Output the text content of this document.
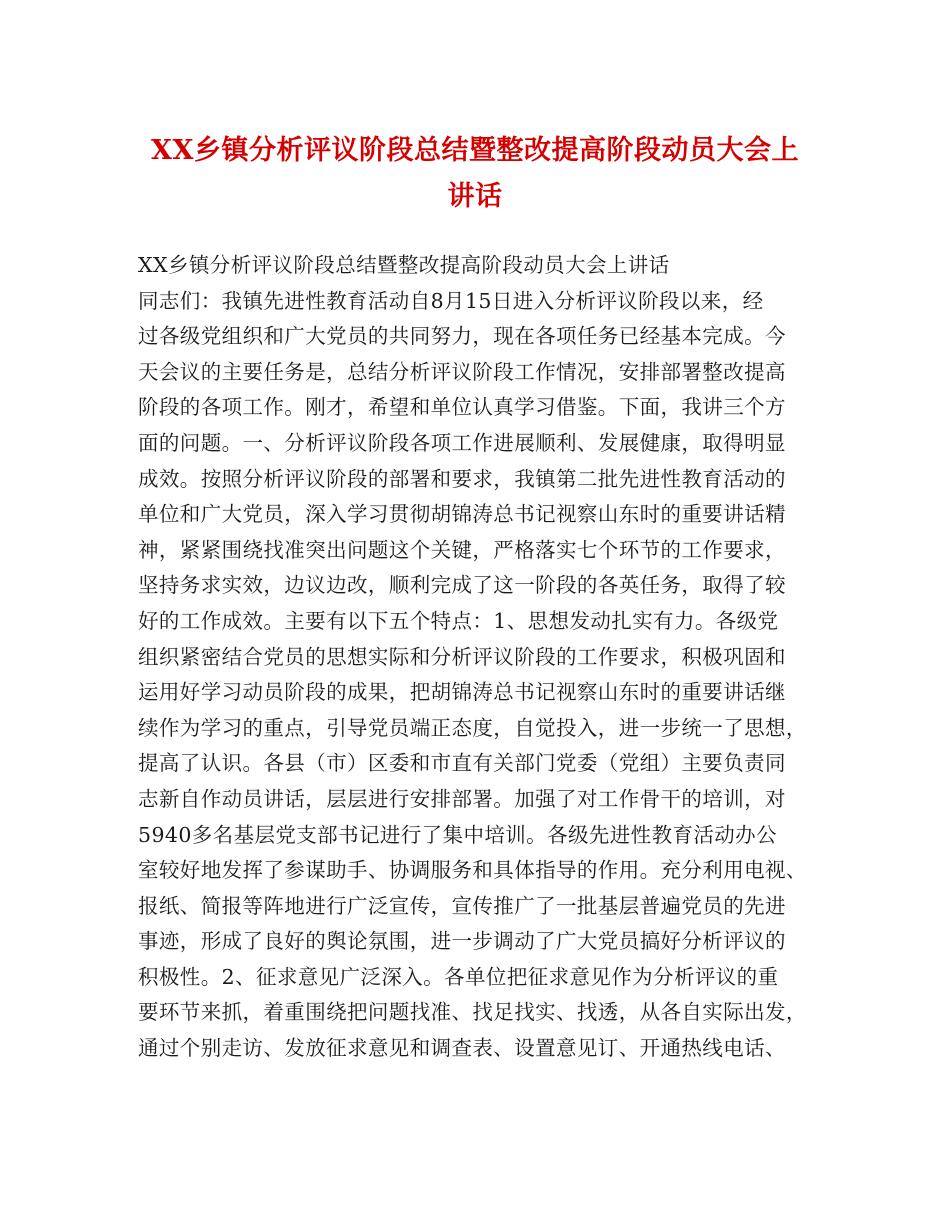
XX乡镇分析评议阶段总结暨整改提高阶段动员大会上
讲话
XX乡镇分析评议阶段总结暨整改提高阶段动员大会上讲话
同志们：我镇先进性教育活动自8月15日进入分析评议阶段以来，经
过各级党组织和广大党员的共同努力，现在各项任务已经基本完成。今
天会议的主要任务是，总结分析评议阶段工作情况，安排部署整改提高
阶段的各项工作。刚才，希望和单位认真学习借鉴。下面，我讲三个方
面的问题。一、分析评议阶段各项工作进展顺利、发展健康，取得明显
成效。按照分析评议阶段的部署和要求，我镇第二批先进性教育活动的
单位和广大党员，深入学习贯彻胡锦涛总书记视察山东时的重要讲话精
神，紧紧围绕找准突出问题这个关键，严格落实七个环节的工作要求，
坚持务求实效，边议边改，顺利完成了这一阶段的各英任务，取得了较
好的工作成效。主要有以下五个特点：1、思想发动扎实有力。各级党
组织紧密结合党员的思想实际和分析评议阶段的工作要求，积极巩固和
运用好学习动员阶段的成果，把胡锦涛总书记视察山东时的重要讲话继
续作为学习的重点，引导党员端正态度，自觉投入，进一步统一了思想，
提高了认识。各县（市）区委和市直有关部门党委（党组）主要负责同
志新自作动员讲话，层层进行安排部署。加强了对工作骨干的培训，对
5940多名基层党支部书记进行了集中培训。各级先进性教育活动办公
室较好地发挥了参谋助手、协调服务和具体指导的作用。充分利用电视、
报纸、简报等阵地进行广泛宣传，宣传推广了一批基层普遍党员的先进
事迹，形成了良好的舆论氛围，进一步调动了广大党员搞好分析评议的
积极性。2、征求意见广泛深入。各单位把征求意见作为分析评议的重
要环节来抓，着重围绕把问题找准、找足找实、找透，从各自实际出发，
通过个别走访、发放征求意见和调查表、设置意见订、开通热线电话、
